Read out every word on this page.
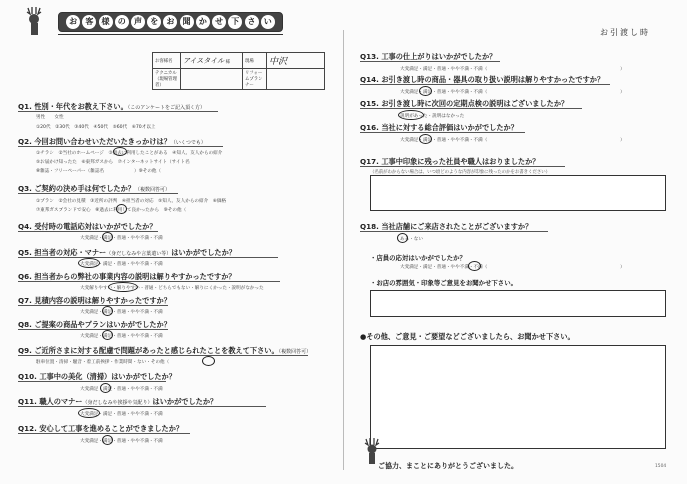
お	客	様	の	声	を	お	聞	か	せ	下	さ	い
お引渡し時
お客様名	アイスタイル 様	現場	中沢
テクニカル（現場管理者）		リフォームプランナー	
Q1. 性別・年代をお教え下さい。（このアンケートをご記入頂く方）
男性　　女性
①20代　②30代　③40代　④50代　⑤60代　⑥70才以上
Q2. 今回お問い合わせいただいたきっかけは？（いくつでも）
①チラシ　②当社のホームページ　③過去に利用したことがある　④知人、友人からの紹介
⑤お届かけ知ったた　⑥東邦ガスから　⑦インターネットサイト（サイト名
⑧雑誌・フリーペーパー（雑誌名	）⑨その他（
Q3. ご契約の決め手は何でしたか？（複数回答可）
①プラン　②会社の見積　③近所の評判　④担当者の対応　⑤知人、友人からの紹介　⑥価格
⑦東邦ガスブランドで安心　⑧過去に利用して良かったから　⑨その他（
Q4. 受付時の電話応対はいかがでしたか？
大変満足・満足・普通・やや不満・不満
Q5. 担当者の対応・マナー（身だしなみや言葉遣い等）はいかがでしたか？
大変満足・満足・普通・やや不満・不満
Q6. 担当者からの弊社の事業内容の説明は解りやすかったですか？
大変解りやすい・解りやすい・普通・どちらでもない・解りにくかった・説明がなかった
Q7. 見積内容の説明は解りやすかったですか？
大変満足・満足・普通・やや不満・不満
Q8. ご提案の商品やプランはいかがでしたか？
大変満足・満足・普通・やや不満・不満
Q9. ご近所さまに対する配慮で問題があったと感じられたことを教えて下さい。（複数回答可）
駐車位置・清掃・騒音・着工前挨拶・作業時間・ない・その他（
Q10. 工事中の美化（清掃）はいかがでしたか？
大変満足・満足・普通・やや不満・不満
Q11. 職人のマナー（身だしなみや挨拶や気配り）はいかがでしたか？
大変満足・満足・普通・やや不満・不満
Q12. 安心して工事を進めることができましたか？
大変満足・満足・普通・やや不満・不満
Q13. 工事の仕上がりはいかがでしたか？
大変満足・満足・普通・やや不満・不満（	）
Q14. お引き渡し時の商品・器具の取り扱い説明は解りやすかったですか？
大変満足・満足・普通・やや不満・不満（	）
Q15. お引き渡し時に次回の定期点検の説明はございましたか？
説明があった・説明はなかった
Q16. 当社に対する総合評価はいかがでしたか？
大変満足・満足・普通・やや不満・不満（	）
Q17. 工事中印象に残った社員や職人はおりましたか？
（名前がわからない場合は、いつ頃どのような内容が印象に残ったのかをお書きください）
Q18. 当社店舗にご来店されたことがございますか？
ある・ない
・店員の応対はいかがでしたか？
大変満足・満足・普通・やや不満・不満（	）
・お店の雰囲気・印象等ご意見をお聞かせ下さい。
●その他、ご意見・ご要望などございましたら、お聞かせ下さい。
ご協力、まことにありがとうございました。	1504
